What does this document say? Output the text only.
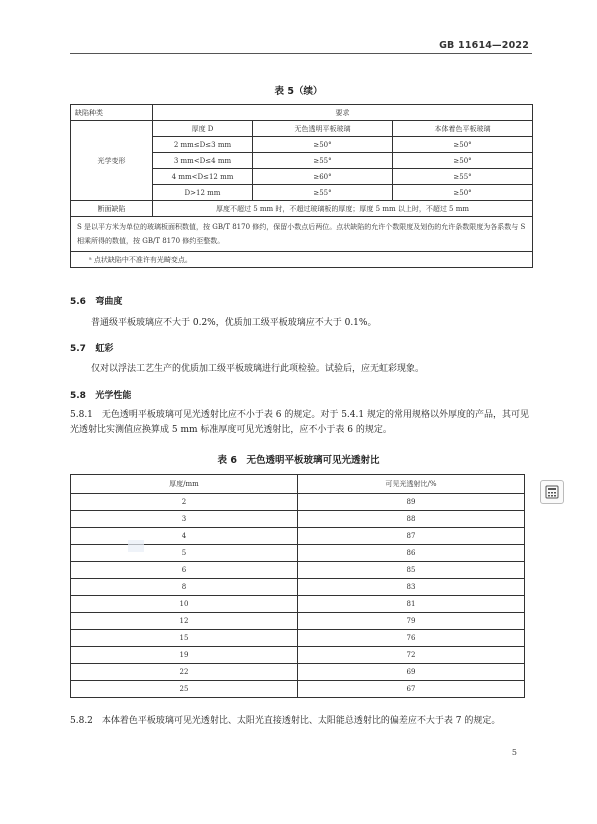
GB 11614—2022
表 5（续）
缺陷种类	要求		
光学变形	厚度 D	无色透明平板玻璃	本体着色平板玻璃
	2 mm≤D≤3 mm	≥50°	≥50°
	3 mm<D≤4 mm	≥55°	≥50°
	4 mm<D≤12 mm	≥60°	≥55°
	D>12 mm	≥55°	≥50°
断面缺陷	厚度不超过 5 mm 时，不超过玻璃板的厚度；厚度 5 mm 以上时，不超过 5 mm		
S 是以平方米为单位的玻璃板面积数值，按 GB/T 8170 修约，保留小数点后两位。点状缺陷的允许个数限度及划伤的允许条数限度为各系数与 S 相乘所得的数值，按 GB/T 8170 修约至整数。			
ᵃ 点状缺陷中不准许有光畸变点。			
5.6 弯曲度
普通级平板玻璃应不大于 0.2%，优质加工级平板玻璃应不大于 0.1%。
5.7 虹彩
仅对以浮法工艺生产的优质加工级平板玻璃进行此项检验。试验后，应无虹彩现象。
5.8 光学性能
5.8.1　无色透明平板玻璃可见光透射比应不小于表 6 的规定。对于 5.4.1 规定的常用规格以外厚度的产品，其可见光透射比实测值应换算成 5 mm 标准厚度可见光透射比，应不小于表 6 的规定。
表 6　无色透明平板玻璃可见光透射比
厚度/mm	可见光透射比/%
2	89
3	88
4	87
5	86
6	85
8	83
10	81
12	79
15	76
19	72
22	69
25	67
5.8.2　本体着色平板玻璃可见光透射比、太阳光直接透射比、太阳能总透射比的偏差应不大于表 7 的规定。
5
